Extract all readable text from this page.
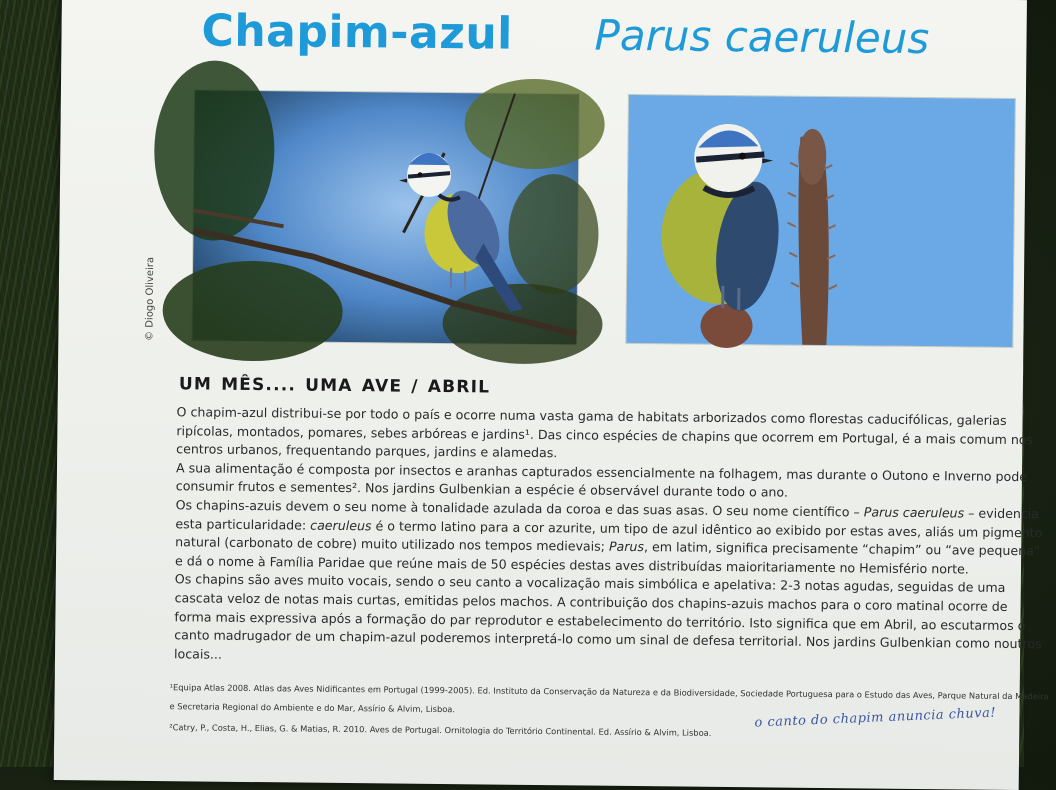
Chapim-azul Parus caeruleus

© Diogo Oliveira

UM MÊS.... UMA AVE / ABRIL

O chapim-azul distribui-se por todo o país e ocorre numa vasta gama de habitats arborizados como florestas caducifólicas, galerias ripícolas, montados, pomares, sebes arbóreas e jardins¹. Das cinco espécies de chapins que ocorrem em Portugal, é a mais comum nos centros urbanos, frequentando parques, jardins e alamedas.

A sua alimentação é composta por insectos e aranhas capturados essencialmente na folhagem, mas durante o Outono e Inverno pode consumir frutos e sementes². Nos jardins Gulbenkian a espécie é observável durante todo o ano.

Os chapins-azuis devem o seu nome à tonalidade azulada da coroa e das suas asas. O seu nome científico – Parus caeruleus – evidencia esta particularidade: caeruleus é o termo latino para a cor azurite, um tipo de azul idêntico ao exibido por estas aves, aliás um pigmento natural (carbonato de cobre) muito utilizado nos tempos medievais; Parus, em latim, significa precisamente “chapim” ou “ave pequena” e dá o nome à Família Paridae que reúne mais de 50 espécies destas aves distribuídas maioritariamente no Hemisfério norte.

Os chapins são aves muito vocais, sendo o seu canto a vocalização mais simbólica e apelativa: 2-3 notas agudas, seguidas de uma cascata veloz de notas mais curtas, emitidas pelos machos. A contribuição dos chapins-azuis machos para o coro matinal ocorre de forma mais expressiva após a formação do par reprodutor e estabelecimento do território. Isto significa que em Abril, ao escutarmos o canto madrugador de um chapim-azul poderemos interpretá-lo como um sinal de defesa territorial. Nos jardins Gulbenkian como noutros locais...

¹Equipa Atlas 2008. Atlas das Aves Nidificantes em Portugal (1999-2005). Ed. Instituto da Conservação da Natureza e da Biodiversidade, Sociedade Portuguesa para o Estudo das Aves, Parque Natural da Madeira

e Secretaria Regional do Ambiente e do Mar, Assírio & Alvim, Lisboa.

²Catry, P., Costa, H., Elias, G. & Matias, R. 2010. Aves de Portugal. Ornitologia do Território Continental. Ed. Assírio & Alvim, Lisboa.	o canto do chapim anuncia chuva!
